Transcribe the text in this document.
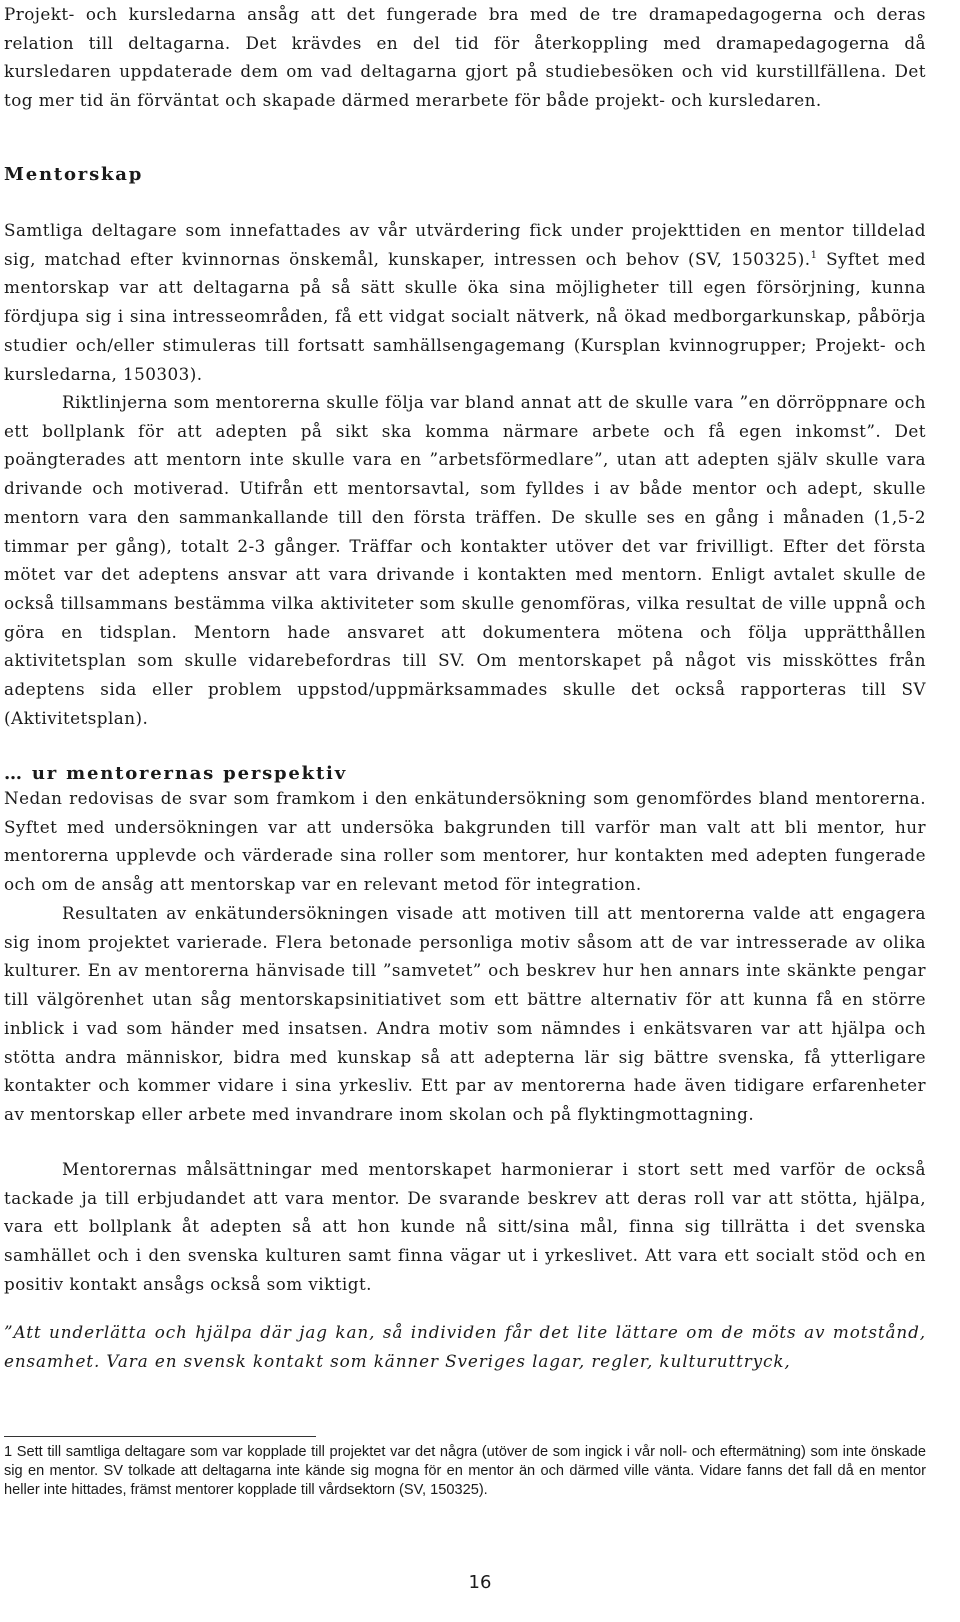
Projekt- och kursledarna ansåg att det fungerade bra med de tre dramapedagogerna och deras relation till deltagarna. Det krävdes en del tid för återkoppling med dramapedagogerna då kursledaren uppdaterade dem om vad deltagarna gjort på studiebesöken och vid kurstillfällena. Det tog mer tid än förväntat och skapade därmed merarbete för både projekt- och kursledaren.

Mentorskap

Samtliga deltagare som innefattades av vår utvärdering fick under projekttiden en mentor tilldelad sig, matchad efter kvinnornas önskemål, kunskaper, intressen och behov (SV, 150325).$^1$ Syftet med mentorskap var att deltagarna på så sätt skulle öka sina möjligheter till egen försörjning, kunna fördjupa sig i sina intresseområden, få ett vidgat socialt nätverk, nå ökad medborgarkunskap, påbörja studier och/eller stimuleras till fortsatt samhällsengagemang (Kursplan kvinnogrupper; Projekt- och kursledarna, 150303).

Riktlinjerna som mentorerna skulle följa var bland annat att de skulle vara ”en dörröppnare och ett bollplank för att adepten på sikt ska komma närmare arbete och få egen inkomst”. Det poängterades att mentorn inte skulle vara en ”arbetsförmedlare”, utan att adepten själv skulle vara drivande och motiverad. Utifrån ett mentorsavtal, som fylldes i av både mentor och adept, skulle mentorn vara den sammankallande till den första träffen. De skulle ses en gång i månaden (1,5-2 timmar per gång), totalt 2-3 gånger. Träffar och kontakter utöver det var frivilligt. Efter det första mötet var det adeptens ansvar att vara drivande i kontakten med mentorn. Enligt avtalet skulle de också tillsammans bestämma vilka aktiviteter som skulle genomföras, vilka resultat de ville uppnå och göra en tidsplan. Mentorn hade ansvaret att dokumentera mötena och följa upprätthållen aktivitetsplan som skulle vidarebefordras till SV. Om mentorskapet på något vis missköttes från adeptens sida eller problem uppstod/uppmärksammades skulle det också rapporteras till SV (Aktivitetsplan).

… ur mentorernas perspektiv

Nedan redovisas de svar som framkom i den enkätundersökning som genomfördes bland mentorerna. Syftet med undersökningen var att undersöka bakgrunden till varför man valt att bli mentor, hur mentorerna upplevde och värderade sina roller som mentorer, hur kontakten med adepten fungerade och om de ansåg att mentorskap var en relevant metod för integration.

Resultaten av enkätundersökningen visade att motiven till att mentorerna valde att engagera sig inom projektet varierade. Flera betonade personliga motiv såsom att de var intresserade av olika kulturer. En av mentorerna hänvisade till ”samvetet” och beskrev hur hen annars inte skänkte pengar till välgörenhet utan såg mentorskapsinitiativet som ett bättre alternativ för att kunna få en större inblick i vad som händer med insatsen. Andra motiv som nämndes i enkätsvaren var att hjälpa och stötta andra människor, bidra med kunskap så att adepterna lär sig bättre svenska, få ytterligare kontakter och kommer vidare i sina yrkesliv. Ett par av mentorerna hade även tidigare erfarenheter av mentorskap eller arbete med invandrare inom skolan och på flyktingmottagning.

Mentorernas målsättningar med mentorskapet harmonierar i stort sett med varför de också tackade ja till erbjudandet att vara mentor. De svarande beskrev att deras roll var att stötta, hjälpa, vara ett bollplank åt adepten så att hon kunde nå sitt/sina mål, finna sig tillrätta i det svenska samhället och i den svenska kulturen samt finna vägar ut i yrkeslivet. Att vara ett socialt stöd och en positiv kontakt ansågs också som viktigt.

”Att underlätta och hjälpa där jag kan, så individen får det lite lättare om de möts av motstånd, ensamhet. Vara en svensk kontakt som känner Sveriges lagar, regler, kulturuttryck,

1 Sett till samtliga deltagare som var kopplade till projektet var det några (utöver de som ingick i vår noll- och eftermätning) som inte önskade sig en mentor. SV tolkade att deltagarna inte kände sig mogna för en mentor än och därmed ville vänta. Vidare fanns det fall då en mentor heller inte hittades, främst mentorer kopplade till vårdsektorn (SV, 150325).

16
